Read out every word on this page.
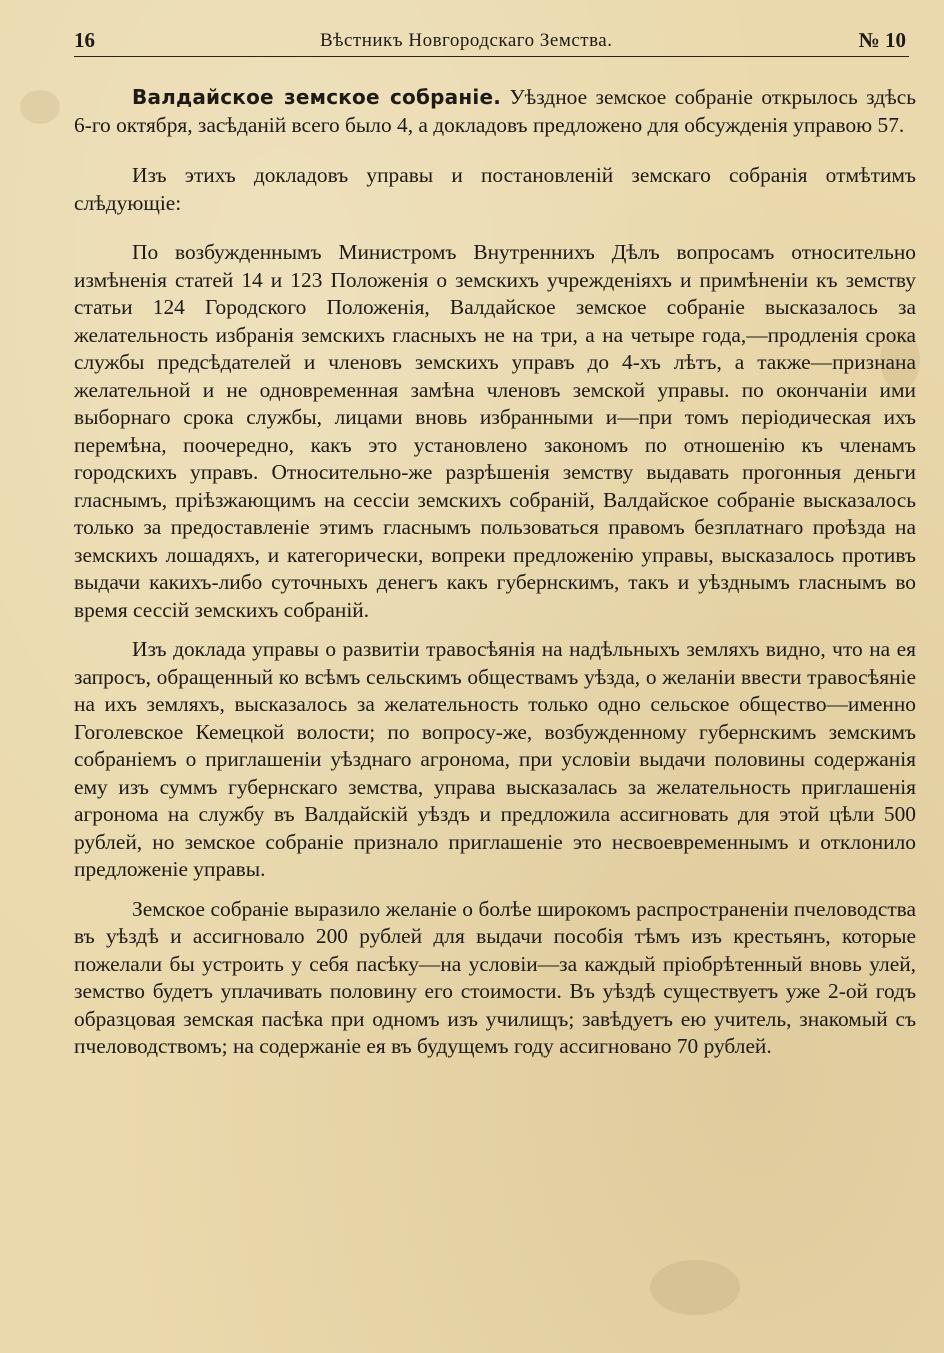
16	Вѣстникъ Новгородскаго Земства.	№ 10

Валдайское земское собраніе. Уѣздное земское собраніе открылось здѣсь 6-го октября, засѣданій всего было 4, а докладовъ предложено для обсужденія управою 57.

Изъ этихъ докладовъ управы и постановленій земскаго собранія отмѣтимъ слѣдующіе:

По возбужденнымъ Министромъ Внутреннихъ Дѣлъ вопросамъ относительно измѣненія статей 14 и 123 Положенія о земскихъ учрежденіяхъ и примѣненіи къ земству статьи 124 Городского Положенія, Валдайское земское собраніе высказалось за желательность избранія земскихъ гласныхъ не на три, а на четыре года,—продленія срока службы предсѣдателей и членовъ земскихъ управъ до 4-хъ лѣтъ, а также—признана желательной и не одновременная замѣна членовъ земской управы. по окончаніи ими выборнаго срока службы, лицами вновь избранными и—при томъ періодическая ихъ перемѣна, поочередно, какъ это установлено закономъ по отношенію къ членамъ городскихъ управъ. Относительно-же разрѣшенія земству выдавать прогонныя деньги гласнымъ, пріѣзжающимъ на сессіи земскихъ собраній, Валдайское собраніе высказалось только за предоставленіе этимъ гласнымъ пользоваться правомъ безплатнаго проѣзда на земскихъ лошадяхъ, и категорически, вопреки предложенію управы, высказалось противъ выдачи какихъ-либо суточныхъ денегъ какъ губернскимъ, такъ и уѣзднымъ гласнымъ во время сессій земскихъ собраній.

Изъ доклада управы о развитіи травосѣянія на надѣльныхъ земляхъ видно, что на ея запросъ, обращенный ко всѣмъ сельскимъ обществамъ уѣзда, о желаніи ввести травосѣяніе на ихъ земляхъ, высказалось за желательность только одно сельское общество—именно Гоголевское Кемецкой волости; по вопросу-же, возбужденному губернскимъ земскимъ собраніемъ о приглашеніи уѣзднаго агронома, при условіи выдачи половины содержанія ему изъ суммъ губернскаго земства, управа высказалась за желательность приглашенія агронома на службу въ Валдайскій уѣздъ и предложила ассигновать для этой цѣли 500 рублей, но земское собраніе признало приглашеніе это несвоевременнымъ и отклонило предложеніе управы.

Земское собраніе выразило желаніе о болѣе широкомъ распространеніи пчеловодства въ уѣздѣ и ассигновало 200 рублей для выдачи пособія тѣмъ изъ крестьянъ, которые пожелали бы устроить у себя пасѣку—на условіи—за каждый пріобрѣтенный вновь улей, земство будетъ уплачивать половину его стоимости. Въ уѣздѣ существуетъ уже 2-ой годъ образцовая земская пасѣка при одномъ изъ училищъ; завѣдуетъ ею учитель, знакомый съ пчеловодствомъ; на содержаніе ея въ будущемъ году ассигновано 70 рублей.
